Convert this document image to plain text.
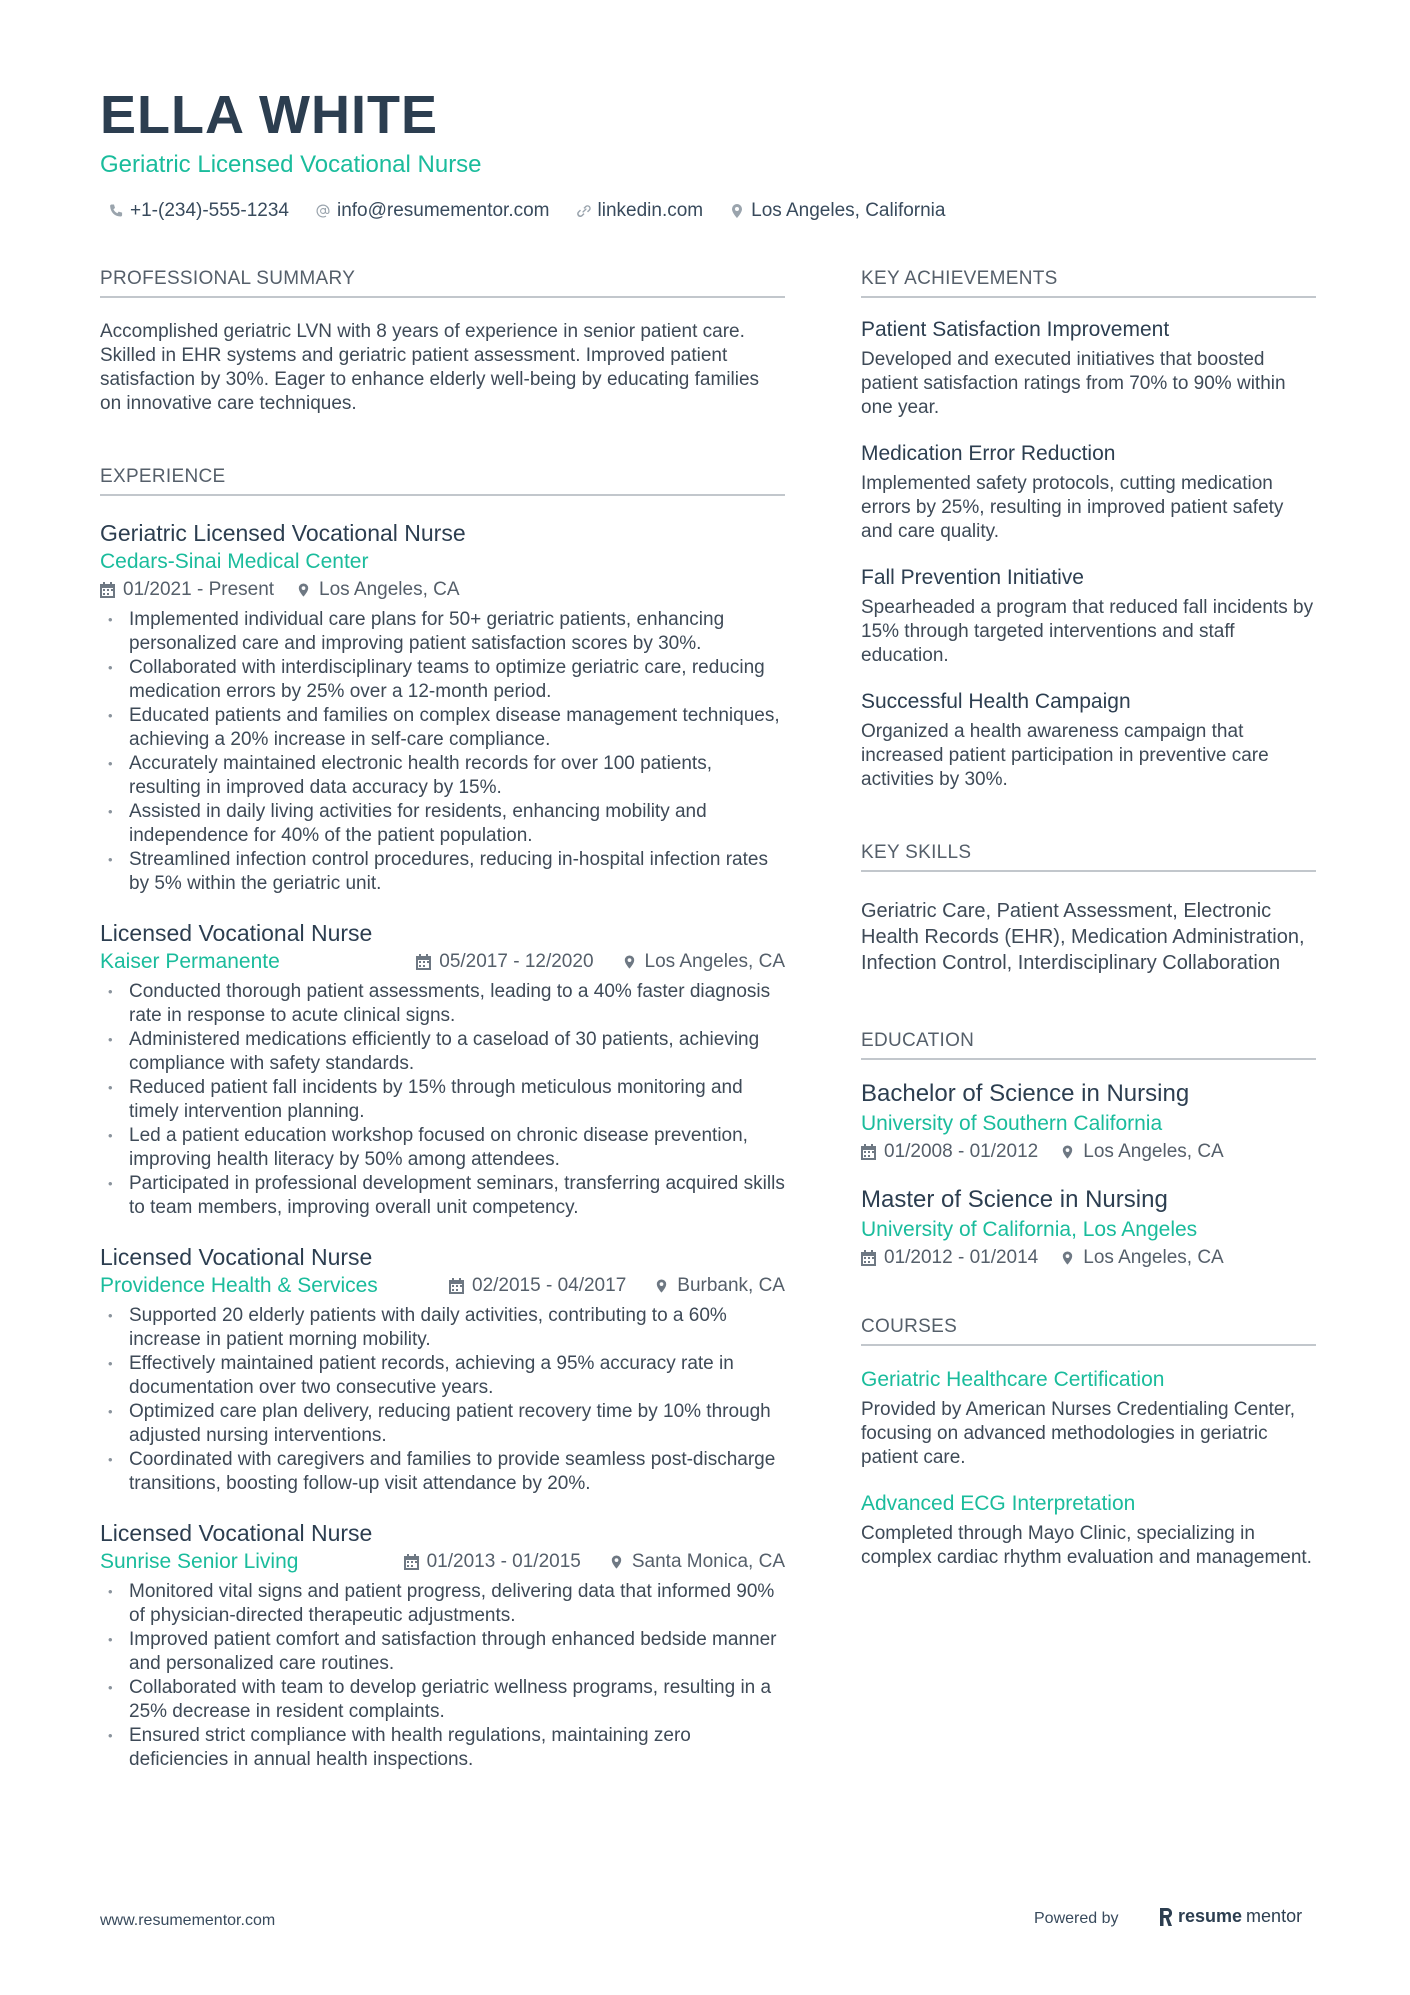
ELLA WHITE
Geriatric Licensed Vocational Nurse
+1-(234)-555-1234	info@resumementor.com	linkedin.com	Los Angeles, California
PROFESSIONAL SUMMARY

Accomplished geriatric LVN with 8 years of experience in senior patient care. Skilled in EHR systems and geriatric patient assessment. Improved patient satisfaction by 30%. Eager to enhance elderly well-being by educating families on innovative care techniques.

EXPERIENCE
Geriatric Licensed Vocational Nurse
Cedars-Sinai Medical Center
01/2021 - Present Los Angeles, CA
• Implemented individual care plans for 50+ geriatric patients, enhancing personalized care and improving patient satisfaction scores by 30%.
• Collaborated with interdisciplinary teams to optimize geriatric care, reducing medication errors by 25% over a 12-month period.
• Educated patients and families on complex disease management techniques, achieving a 20% increase in self-care compliance.
• Accurately maintained electronic health records for over 100 patients, resulting in improved data accuracy by 15%.
• Assisted in daily living activities for residents, enhancing mobility and independence for 40% of the patient population.
• Streamlined infection control procedures, reducing in-hospital infection rates by 5% within the geriatric unit.
Licensed Vocational Nurse
Kaiser Permanente	05/2017 - 12/2020	Los Angeles, CA
• Conducted thorough patient assessments, leading to a 40% faster diagnosis rate in response to acute clinical signs.
• Administered medications efficiently to a caseload of 30 patients, achieving compliance with safety standards.
• Reduced patient fall incidents by 15% through meticulous monitoring and timely intervention planning.
• Led a patient education workshop focused on chronic disease prevention, improving health literacy by 50% among attendees.
• Participated in professional development seminars, transferring acquired skills to team members, improving overall unit competency.
Licensed Vocational Nurse
Providence Health & Services	02/2015 - 04/2017	Burbank, CA
• Supported 20 elderly patients with daily activities, contributing to a 60% increase in patient morning mobility.
• Effectively maintained patient records, achieving a 95% accuracy rate in documentation over two consecutive years.
• Optimized care plan delivery, reducing patient recovery time by 10% through adjusted nursing interventions.
• Coordinated with caregivers and families to provide seamless post-discharge transitions, boosting follow-up visit attendance by 20%.
Licensed Vocational Nurse
Sunrise Senior Living	01/2013 - 01/2015	Santa Monica, CA
• Monitored vital signs and patient progress, delivering data that informed 90% of physician-directed therapeutic adjustments.
• Improved patient comfort and satisfaction through enhanced bedside manner and personalized care routines.
• Collaborated with team to develop geriatric wellness programs, resulting in a 25% decrease in resident complaints.
• Ensured strict compliance with health regulations, maintaining zero deficiencies in annual health inspections.
KEY ACHIEVEMENTS
Patient Satisfaction Improvement
Developed and executed initiatives that boosted patient satisfaction ratings from 70% to 90% within one year.
Medication Error Reduction
Implemented safety protocols, cutting medication errors by 25%, resulting in improved patient safety and care quality.
Fall Prevention Initiative
Spearheaded a program that reduced fall incidents by 15% through targeted interventions and staff education.
Successful Health Campaign
Organized a health awareness campaign that increased patient participation in preventive care activities by 30%.
KEY SKILLS

Geriatric Care, Patient Assessment, Electronic Health Records (EHR), Medication Administration, Infection Control, Interdisciplinary Collaboration

EDUCATION
Bachelor of Science in Nursing
University of Southern California
01/2008 - 01/2012 Los Angeles, CA
Master of Science in Nursing
University of California, Los Angeles
01/2012 - 01/2014 Los Angeles, CA
COURSES
Geriatric Healthcare Certification
Provided by American Nurses Credentialing Center, focusing on advanced methodologies in geriatric patient care.
Advanced ECG Interpretation
Completed through Mayo Clinic, specializing in complex cardiac rhythm evaluation and management.
www.resumementor.com	Powered by	resume mentor
